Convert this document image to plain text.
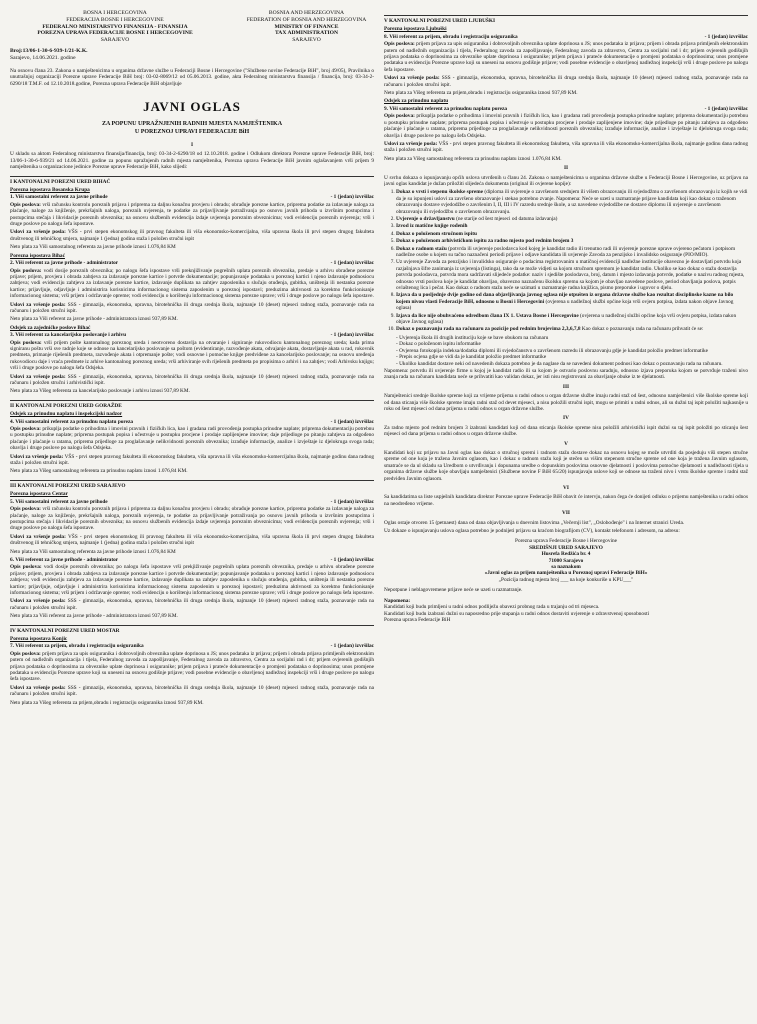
BOSNA I HERCEGOVINA
FEDERACIJA BOSNE I HERCEGOVINE
FEDERALNO MINISTARSTVO FINANSIJA - FINANSIJA
POREZNA UPRAVA FEDERACIJE BOSNE I HERCEGOVINE
SARAJEVO
BOSNIA AND HERZEGOVINA
FEDERATION OF BOSNIA AND HERZEGOVINA
MINISTRY OF FINANCE
TAX ADMINISTRATION
SARAJEVO
Broj:13/06-1-30-6-939-1/21-K.K.
Sarajevo, 14.06.2021. godine

Na osnovu člana 23. Zakona o namještenicima u organima državne službe u Federaciji Bosne i Hercegovine ("Službene novine Federacije BiH", broj 49/05), Pravilnika o unutrašnjoj organizaciji Porezne uprave Federacije BiH broj: 03-02-8069/12 od 05.06.2013. godine, akta Federalnog ministarstva finansija / financija, broj: 03-34-2-6290/18 T.M.F. od 12.10.2018.godine, Porezna uprava Federacije BiH objavljuje

JAVNI OGLAS
ZA POPUNU UPRAŽNJENIH RADNIH MJESTA NAMJEŠTENIKA
U POREZNOJ UPRAVI FEDERACIJE BiH
I

U skladu sa aktom Federalnog ministarstva finansija/financija, broj: 03-34-2-6290/18 od 12.10.2018. godine i Odlukom direktora Porezne uprave Federacije BiH, broj: 13/06-1-30-6-939/21 od 14.06.2021. godine za popunu upražnjenih radnih mjesta namještenika, Porezna uprava Federacije BiH javnim oglašavanjem vrši prijem 9 namještenika u organizacione jedinice Porezne uprave Federacije BiH, kako slijedi:

I KANTONALNI POREZNI URED BIHAĆ
Porezna ispostava Bosanska Krupa
1. Viši samostalni referent za javne prihode	- 1 (jedan) izvršilac

Opis poslova: vrši računsku kontrolu poreznih prijava i priprema za daljnu konačnu provjeru i obradu; obrađuje porezne kartice, priprema podatke za izdavanje naloga za plaćanje, naloge za knjiženje, prekršajnih naloga, poreznih uvjerenja, te podatke za prijavljivanje potraživanja po osnovu javnih prihoda u izvršnim postupcima i postupcima stečaja i likvidacije poreznih obveznika; na osnovu službenih evidencija izdaje uvjerenja poreznim obveznicima; vodi evidenciju poreznih uvjerenja; vrši i druge poslove po nalogu šefa ispostave.

Uslovi za vršenje posla: VŠS - prvi stepen ekonomskog ili pravnog fakulteta ili viša ekonomsko-komercijalna, viša upravna škola ili prvi stepen drugog fakulteta društvenog ili tehničkog smjera, najmanje 1 (jedna) godina staža i položen stručni ispit

Neto plata za Viši samostalnog referenta za javne prihode iznosi 1.076,84 KM

Porezna ispostava Bihać
2. Viši referent za javne prihode - administrator	- 1 (jedan) izvršilac

Opis poslova: vodi dosije poreznih obveznika; po nalogu šefa ispostave vrši preknjiživanje pogrešnih uplata poreznih obveznika, predaje u arhivu obrađene porezne prijave; prijem, provjera i obrada zahtjeva za izdavanje porezne kartice i potvrde dokumentacije; popunjavanje podataka u poreznoj kartici i njeno izdavanje podnosiocu zahtjeva; vodi evidenciju zahtjeva za izdavanje porezne kartice, izdavanje duplikata na zahtjev zaposlenika u slučaju otuđenja, gubitka, uništenja ili nestanka porezne kartice; prijavljuje, odjavljuje i administrira korisnicima informacionog sistema zaposlenim u poreznoj ispostavi; preduzima aktivnosti za korektno funkcionisanje informacionog sistema; vrši prijem i održavanje opreme; vodi evidenciju o korištenju informacionog sistema porezne uprave; vrši i druge poslove po nalogu šefa ispostave.

Uslovi za vršenje posla: SSS - gimnazija, ekonomska, upravna, birotehnička ili druga srednja škola, najmanje 10 (deset) mjeseci radnog staža, poznavanje rada na računaru i položen stručni ispit.

Neto plata za Viši referent za javne prihode - administratora iznosi 937,89 KM.

Odsjek za zajedničke poslove Bihać
3. Viši referent za kancelarijsko poslovanje i arhivu	- 1 (jedan) izvršilac

Opis poslova: vrši prijem pošte kantonalnog poreznog ureda i neotvoreno dostavlja na otvaranje i signiranje rukovodiocu kantonalnog poreznog ureda; kada prima signiranu poštu vrši sve radnje koje se odnose na kancelarijsko poslovanje sa poštom (evidentiranje, razvođenje akata, odvajanje akata, dostavljanje akata u rad, rokovnik predmeta, primanje riješenih predmeta, razvođenje akata i otpremanje pošte; vodi osnovne i pomoćne knjige predviđene za kancelarijsko poslovanje; na osnovu uređenja rukovodiocu daje i vraća predmete iz arhive kantonalnog poreznog ureda; vrši arhiviranje svih riješenih predmeta po propisima o arhivi i na zahtjev; vodi Arhivsku knjigu; vrši i druge poslove po nalogu šefa Odsjeka.

Uslovi za vršenje posla: SSS - gimnazija, ekonomska, upravna, birotehnička ili druga srednja škola, najmanje 10 (deset) mjeseci radnog staža, poznavanje rada na računaru i položen stručni i arhivistički ispit.

Neto plata za Višeg referenta za kancelarijsko poslovanje i arhivu iznosi 937,89 KM.

II KANTONALNI POREZNI URED GORAŽDE
Odsjek za prinudnu naplatu i inspekcijski nadzor
4. Viši samostalni referent za prinudnu naplatu poreza	- 1 (jedan) izvršilac

Opis poslova: prikuplja podatke o prihodima i imovini pravnih i fizičkih lica, kao i gradana radi provođenja postupka prinudne naplate; priprema dokumentaciju potrebnu u postupku prinudne naplate; priprema postupak popisa i učestvuje u postupku procjene i prodaje zaplijenjene imovine; daje prijedloge po pitanju zahtjeva za odgođeno plaćanje i plaćanje u ratama, priprema prijedloge za proglašavanje nelikvidnosti poreznih obveznika; izrađuje informacije, analize i izvještaje iz djelokruga svoga rada; obavlja i druge poslove po nalogu šefa Odsjeka.

Uslovi za vršenje posla: VŠS - prvi stepen pravnog fakulteta ili ekonomskog fakulteta, viša upravna ili viša ekonomsko-komercijalna škola, najmanje godinu dana radnog staža i položen stručni ispit.

Neto plata za Višeg samostalnog referenta za prinudnu naplatu iznosi 1.076,84 KM.

III KANTONALNI POREZNI URED SARAJEVO
Porezna ispostava Centar
5. Viši samostalni referent za javne prihode	- 1 (jedan) izvršilac

Opis poslova: vrši računsku kontrolu poreznih prijava i priprema za daljnu konačnu provjeru i obradu; obrađuje porezne kartice, priprema podatke za izdavanje naloga za plaćanje, naloge za knjiženje, prekršajnih naloga, poreznih uvjerenja, te podatke za prijavljivanje potraživanja po osnovu javnih prihoda u izvršnim postupcima i postupcima stečaja i likvidacije poreznih obveznika; na osnovu službenih evidencija izdaje uvjerenja poreznim obveznicima; vodi evidenciju poreznih uvjerenja; vrši i druge poslove po nalogu šefa ispostave.

Uslovi za vršenje posla: VŠS - prvi stepen ekonomskog ili pravnog fakulteta ili viša ekonomsko-komercijalna, viša upravna škola ili prvi stepen drugog fakulteta društvenog ili tehničkog smjera, najmanje 1 (jedna) godina staža i položen stručni ispit

Neto plata za Viši samostalnog referenta za javne prihode iznosi 1.076,84 KM

6. Viši referent za javne prihode - administrator	- 1 (jedan) izvršilac

Opis poslova: vodi dosije poreznih obveznika; po nalogu šefa ispostave vrši prekjiživanje pogrešnih uplata poreznih obveznika, predaje u arhivu obrađene porezne prijave; prijem, provjera i obrada zahtjeva za izdavanje porezne kartice i potvrde dokumentacije; popunjavanje podataka u poreznoj kartici i njeno izdavanje podnosiocu zahtjeva; vodi evidenciju zahtjeva za izdavanje porezne kartice, izdavanje duplikata na zahtjev zaposlenika u slučaju otuđenja, gubitka, uništenja ili nestanka porezne kartice; prijavljuje, odjavljuje i administrira korisnicima informacionog sistema zaposlenim u poreznoj ispostavi; preduzima aktivnosti za korektno funkcionisanje informacionog sistema; vrši prijem i održavanje opreme; vodi evidenciju o korištenju informacionog sistema porezne uprave; vrši i druge poslove po nalogu šefa ispostave.

Uslovi za vršenje posla: SSS - gimnazija, ekonomska, upravna, birotehnička ili druga srednja škola, najmanje 10 (deset) mjeseci radnog staža, poznavanje rada na računaru i položen stručni ispit.

Neto plata za Viši referent za javne prihode - administratora iznosi 937,89 KM.

IV KANTONALNI POREZNI URED MOSTAR
Porezna ispostava Konjic
7. Viši referent za prijem, obradu i registraciju osiguranika	- 1 (jedan) izvršilac

Opis poslova: prijem prijava za upis osiguranika i dobrovoljnih obveznika uplate doprinosa u JS; unos podataka iz prijava; prijem i obrada prijava primljenih elektronskim putem od nadležnih organizacija i tijela, Federalnog zavoda za zapošljavanje, Federalnog zavoda za zdravstvo, Centra za socijalni rad i dr; prijem ovjerenih godišnjih prijava podataka o doprinosima za obveznike uplate doprinosa i osiguranike; prijem prijava i prateće dokumentacije o promjeni podataka o doprinosima; unos promjene podataka u evidenciju Porezne uprave koji su uneseni na osnovu godišnje prijave; vodi posebne evidencije o obavljenoj nadležnoj inspekciji vrši i druge poslove po nalogu šefa ispostave.

Uslovi za vršenje posla: SSS - gimnazija, ekonomska, upravna, birotehnička ili druga srednja škola, najmanje 10 (deset) mjeseci radnog staža, poznavanje rada na računaru i položen stručni ispit.

Neto plata za Višeg referenta za prijem,obradu i registraciju osiguranika iznosi 937,89 KM.

V KANTONALNI POREZNI URED LJUBUŠKI
Porezna ispostava Ljubuški
8. Viši referent za prijem, obradu i registraciju osiguranika	- 1 (jedan) izvršilac

Opis poslova: prijem prijava za upis osiguranika i dobrovoljnih obveznika uplate doprinosa u JS; unos podataka iz prijava; prijem i obrada prijava primljenih elektronskim putem od nadležnih organizacija i tijela, Federalnog zavoda za zapošljavanje, Federalnog zavoda za zdravstvo, Centra za socijalni rad i dr; prijem ovjerenih godišnjih prijava podataka o doprinosima za obveznike uplate doprinosa i osiguranike; prijem prijava i prateće dokumentacije o promjeni podataka o doprinosima; unos promjene podataka u evidenciju Porezne uprave koji su uneseni na osnovu godišnje prijave; vodi posebne evidencije o obavljenoj nadležnoj inspekciji vrši i druge poslove po nalogu šefa ispostave.

Uslovi za vršenje posla: SSS - gimnazija, ekonomska, upravna, birotehnička ili druga srednja škola, najmanje 10 (deset) mjeseci radnog staža, poznavanje rada na računaru i položen stručni ispit.

Neto plata za Višeg referenta za prijem,obradu i registraciju osiguranika iznosi 937,89 KM.

Odsjek za prinudnu naplatu
9. Viši samostalni referent za prinudnu naplatu poreza	- 1 (jedan) izvršilac

Opis poslova: prikuplja podatke o prihodima i imovini pravnih i fizičkih lica, kao i gradana radi provođenja postupka prinudne naplate; priprema dokumentaciju potrebnu u postupku prinudne naplate; priprema postupak popisa i učestvuje u postupku procjene i prodaje zaplijenjene imovine; daje prijedloge po pitanju zahtjeva za odgođeno plaćanje i plaćanje u ratama, priprema prijedloge za proglašavanje nelikvidnosti poreznih obveznika; izrađuje informacije, analize i izvještaje iz djelokruga svoga rada; obavlja i druge poslove po nalogu šefa Odsjeka.

Uslovi za vršenje posla: VŠS - prvi stepen pravnog fakulteta ili ekonomskog fakulteta, viša upravna ili viša ekonomsko-komercijalna škola, najmanje godinu dana radnog staža i položen stručni ispit.

Neto plata za Višeg samostalnog referenta za prinudnu naplatu iznosi 1.076,84 KM.

II

U svrhu dokaza o ispunjavanju općih uslova utvrđenih u članu 24. Zakona o namještenicima u organima državne službe u Federaciji Bosne i Hercegovine, uz prijavu na javni oglas kandidat je dužan priložiti slijedeća dokumenta (original ili ovjerene kopije):

1. Dokaz o vrsti i stepenu školske spreme (diploma ili uvjerenje o završenom srednjem ili višem obrazovanju ili svjedodžmu o završenom obrazovanju iz kojih se vidi da je su ispunjeni uslovi za završeno obrazovanje i stekao potrebno zvanje. Napomena: Neće se uzeti u razmatranje prijave kandidata koji kao dokaz o traženom obrazovanju dostave svjedodžbe o završenim I, II, III i IV razredu srednje škole, a uz navedene svjedodžbe ne dostave diplomu ili uvjerenje o završenom obrazovanju ili svjedodžbu o završenom obrazovanju.
2. Uvjerenje o državljanstvu (ne starije od šest mjeseci od datuma izdavanja)
3. Izvod iz matične knjige rođenih
4. Dokaz o položenom stručnom ispitu
5. Dokaz o položenom arhivističkom ispitu za radno mjesto pod rednim brojem 3
6. Dokaz o radnom stažu (potvrda ili uvjerenje poslodavca kod kojeg je kandidat radio ili trenutno radi ili uvjerenje porezne uprave ovjereno pečatom i potpisom nadležne osobe u kojem su tačno naznačeni periodi prijave i odjave kandidata ili uvjerenje Zavoda za penzijsko i invalidsko osiguranje (PIO/MIO).
7. Uz uvjerenje Zavoda za penzijsko i invalidsko osiguranje o podacima registrovanim u matičnoj evidenciji nadležne institucije obavezno je dostavljati potvrdu koja razjašnjava šifre zanimanja iz uvjerenja (listinga), tako da se može vidjeti sa kojom stručnom spremom je kandidat radio. Ukoliko se kao dokaz o stažu dostavlja potvrda poslodavca, potvrda mora sadržavati slijedeće podatke: naziv i sjedište poslodavca, broj, datum i mjesto izdavanja potvrde, podatke o nazivu radnog mjesta, odnosno vrsti poslova koje je kandidat obavljao, obavezno naznačenu školsku spremu sa kojom je obavljao navedene poslove, period obavljanja poslova, potpis ovlaštenog lica i pečat. Kao dokaz o radnom stažu neće se uzimati u razmatranje radna knjižica, pismo preporuke i ugovor o djelu.
8. Izjava da u posljednje dvije godine od dana objavljivanja javnog oglasa nije otpušten iz organa državne službe kao rezultat disciplinske kazne na bilo kojem nivou vlasti Federacije BiH, odnosno u Bosni i Hercegovini (ovjerena u nadležnoj službi općine koja vrši ovjeru potpisa, izdata nakon objave Javnog oglasa)
9. Izjava da lice nije obuhvaćeno odredbom člana IX 1. Ustava Bosne i Hercegovine (ovjerena u nadležnoj službi općine koja vrši ovjeru potpisa, izdata nakon objave Javnog oglasa)
10. Dokaz o poznavanju rada na računaru za pozicije pod rednim brojevima 2,3,6,7,8 Kao dokaz o poznavanju rada na računaru prihvatit će se:
- Uvjerenja škola ili drugih instituciju koje se bave obukom na računaru
- Dokaz o položenom ispitu informatike
- Ovjerena fotokopija indeksa/dodatka diplomi ili svjedočanstvu o završenom razredu ili obrazovanju gdje je kandidat položio predmet informatike
- Prepis ocjena gdje se vidi da je kandidat položio predmet informatike
- Ukoliko kandidat dostave neki od navedenih dokaza potrebno je da naglase da se navedeni dokument podnosi kao dokaz o poznavanju rada na računaru.

Napomena: potvrdu ili uvjerenje firme u kojoj je kandidat radio ili sa kojom je ostvario poslovnu saradnju, odnosno izjava preporuka kojom se potvrđuje traženi nivo znanja rada na računaru kandidata neće se prihvatiti kao validan dokaz, jer isti nisu registrovani za obavljanje obuke iz te djelatnosti.

III

Namještenici srednje školske spreme koji za vrijeme prijema u radni odnos u organ državne službe imaju radni staž od šest, odnosno namještenici više školske spreme koji od dana sticanja više školske spreme imaju radni staž od devet mjeseci, a nisu položili stručni ispit, mogu se primiti u radni odnos, ali su dužni taj ispit položiti najkasnije u roku od šest mjeseci od dana prijema u radni odnos u organ državne službe.

IV

Za radno mjesto pod rednim brojem 3 izabrani kandidati koji od dana sticanja školske spreme nisu položili arhivistički ispit dužni su taj ispit položiti po sticanju šest mjeseci od dana prijema u radni odnos u organ državne službe.

V

Kandidati koji uz prijavu na Javni oglas kao dokaz o stručnoj spremi i radnom stažu dostave dokaz na osnovu kojeg se može utvrditi da posjeduju viši stepen stručne spreme od one koja je tražena Javnim oglasom, kao i dokaz o radnom stažu koji je stečen sa višim stepenom stručne spreme od one koja je tražena Javnim oglasom, smatraće se da ul skladu sa Uredbom o utvrđivanju i dopunama uredbe o dopunskim poslovima osnovne djelatnosti i poslovima pomoćne djelatnosti u nadležnosti tijela u organima državne službe koje obavljaju namještenici (Službene novine F BiH 65/20) ispunjavaju uslove koji se odnose na traženi nivo i vrstu školske spreme i radni staž predviđen Javnim oglasom.

VI

Sa kandidatima sa liste uspješnih kandidata direktor Porezne uprave Federacije BiH obavit će intervju, nakon čega će donijeti odluku o prijemu namještenika u radni odnos na neodređeno vrijeme.

VII

Oglas ostaje otvoren 15 (petnaest) dana od dana objavljivanja u dnevnim listovima „Večernji list", „Oslobođenje" i na Internet stranici Ureda.

Uz dokaze o ispunjavanju uslova oglasa potrebno je podnijeti prijavu sa kraćom biografijom (CV), kontakt telefonom i adresom, na adresu:

Porezna uprava Federacije Bosne i Hercegovine
SREDIŠNJI URED SARAJEVO
Husrefa Redžića br. 4
71000 Sarajevo
sa naznakom
«Javni oglas za prijem namještenika u Poreznoj upravi Federacije BiH»
„Pozicija radnog mjesta broj ___ na koje konkuriše u KPU___"

Nepotpune i neblagovremene prijave neće se uzeti u razmatranje.

Napomena:
Kandidati koji budu primljeni u radni odnos podliježu obavezi probnog rada u trajanju od tri mjeseca.
Kandidati koji budu izabrani dužni su naposredno prije stupanja u radni odnos dostaviti uvjerenje o zdravstvenoj sposobnosti
Porezna uprava Federacije BiH
